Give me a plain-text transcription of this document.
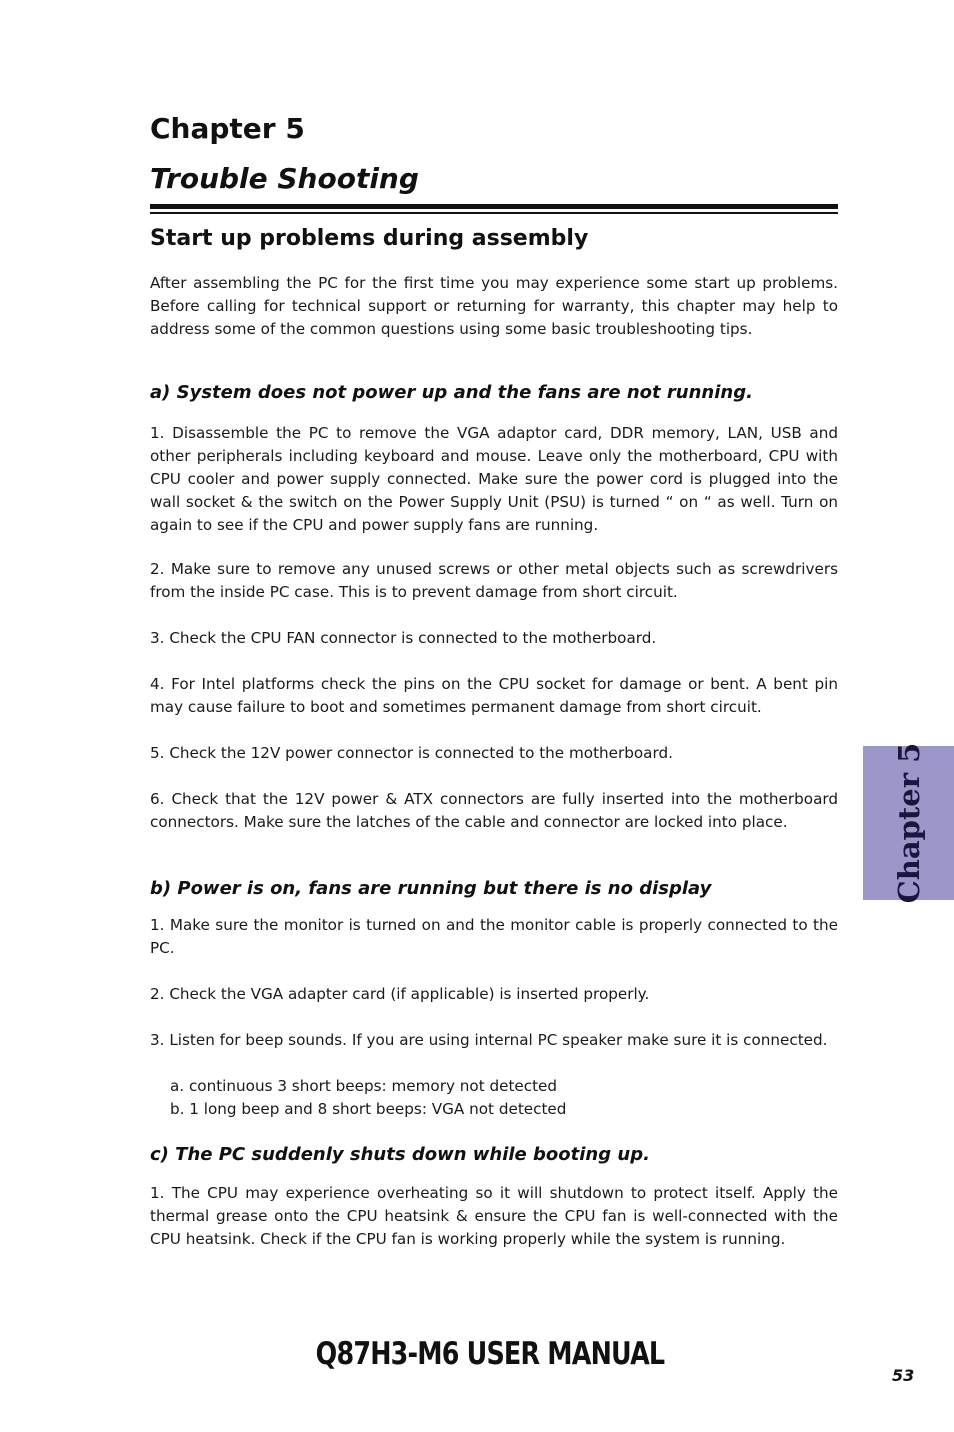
Chapter 5
Trouble Shooting
Start up problems during assembly

After assembling the PC for the first time you may experience some start up problems. Before calling for technical support or returning for warranty, this chapter may help to address some of the common questions using some basic troubleshooting tips.

a) System does not power up and the fans are not running.

1. Disassemble the PC to remove the VGA adaptor card, DDR memory, LAN, USB and other peripherals including keyboard and mouse. Leave only the motherboard, CPU with CPU cooler and power supply connected. Make sure the power cord is plugged into the wall socket & the switch on the Power Supply Unit (PSU) is turned “ on “ as well. Turn on again to see if the CPU and power supply fans are running.

2. Make sure to remove any unused screws or other metal objects such as screwdrivers from the inside PC case. This is to prevent damage from short circuit.

3. Check the CPU FAN connector is connected to the motherboard.

4. For Intel platforms check the pins on the CPU socket for damage or bent. A bent pin may cause failure to boot and sometimes permanent damage from short circuit.

5. Check the 12V power connector is connected to the motherboard.

6. Check that the 12V power & ATX connectors are fully inserted into the motherboard connectors. Make sure the latches of the cable and connector are locked into place.

b) Power is on, fans are running but there is no display

1. Make sure the monitor is turned on and the monitor cable is properly connected to the PC.

2. Check the VGA adapter card (if applicable) is inserted properly.

3. Listen for beep sounds. If you are using internal PC speaker make sure it is connected.

a. continuous 3 short beeps: memory not detected

b. 1 long beep and 8 short beeps: VGA not detected

c) The PC suddenly shuts down while booting up.

1. The CPU may experience overheating so it will shutdown to protect itself. Apply the thermal grease onto the CPU heatsink & ensure the CPU fan is well-connected with the CPU heatsink. Check if the CPU fan is working properly while the system is running.

Chapter 5
Q87H3-M6 USER MANUAL
53
